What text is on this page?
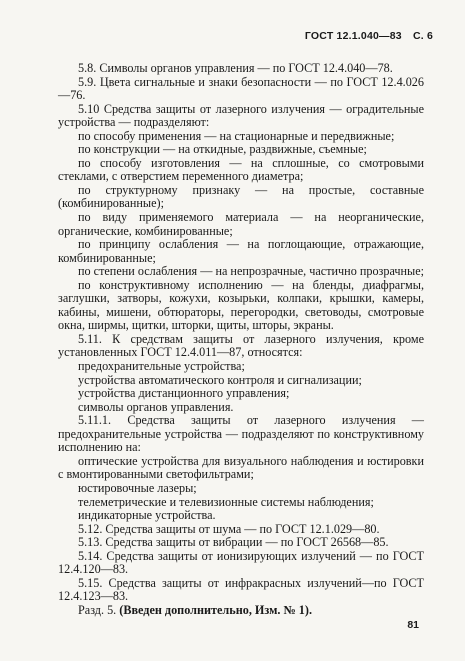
ГОСТ 12.1.040—83 С. 6

5.8. Символы органов управления — по ГОСТ 12.4.040—78.

5.9. Цвета сигнальные и знаки безопасности — по ГОСТ 12.4.026—76.

5.10 Средства защиты от лазерного излучения — оградительные устройства — подразделяют:

по способу применения — на стационарные и передвижные;

по конструкции — на откидные, раздвижные, съемные;

по способу изготовления — на сплошные, со смотровыми стеклами, с отверстием переменного диаметра;

по структурному признаку — на простые, составные (комбинированные);

по виду применяемого материала — на неорганические, органические, комбинированные;

по принципу ослабления — на поглощающие, отражающие, комбинированные;

по степени ослабления — на непрозрачные, частично прозрачные;

по конструктивному исполнению — на бленды, диафрагмы, заглушки, затворы, кожухи, козырьки, колпаки, крышки, камеры, кабины, мишени, обтюраторы, перегородки, световоды, смотровые окна, ширмы, щитки, шторки, щиты, шторы, экраны.

5.11. К средствам защиты от лазерного излучения, кроме установленных ГОСТ 12.4.011—87, относятся:

предохранительные устройства;

устройства автоматического контроля и сигнализации;

устройства дистанционного управления;

символы органов управления.

5.11.1. Средства защиты от лазерного излучения — предохранительные устройства — подразделяют по конструктивному исполнению на:

оптические устройства для визуального наблюдения и юстировки с вмонтированными светофильтрами;

юстировочные лазеры;

телеметрические и телевизионные системы наблюдения;

индикаторные устройства.

5.12. Средства защиты от шума — по ГОСТ 12.1.029—80.

5.13. Средства защиты от вибрации — по ГОСТ 26568—85.

5.14. Средства защиты от ионизирующих излучений — по ГОСТ 12.4.120—83.

5.15. Средства защиты от инфракрасных излучений—по ГОСТ 12.4.123—83.

Разд. 5. (Введен дополнительно, Изм. № 1).

81
